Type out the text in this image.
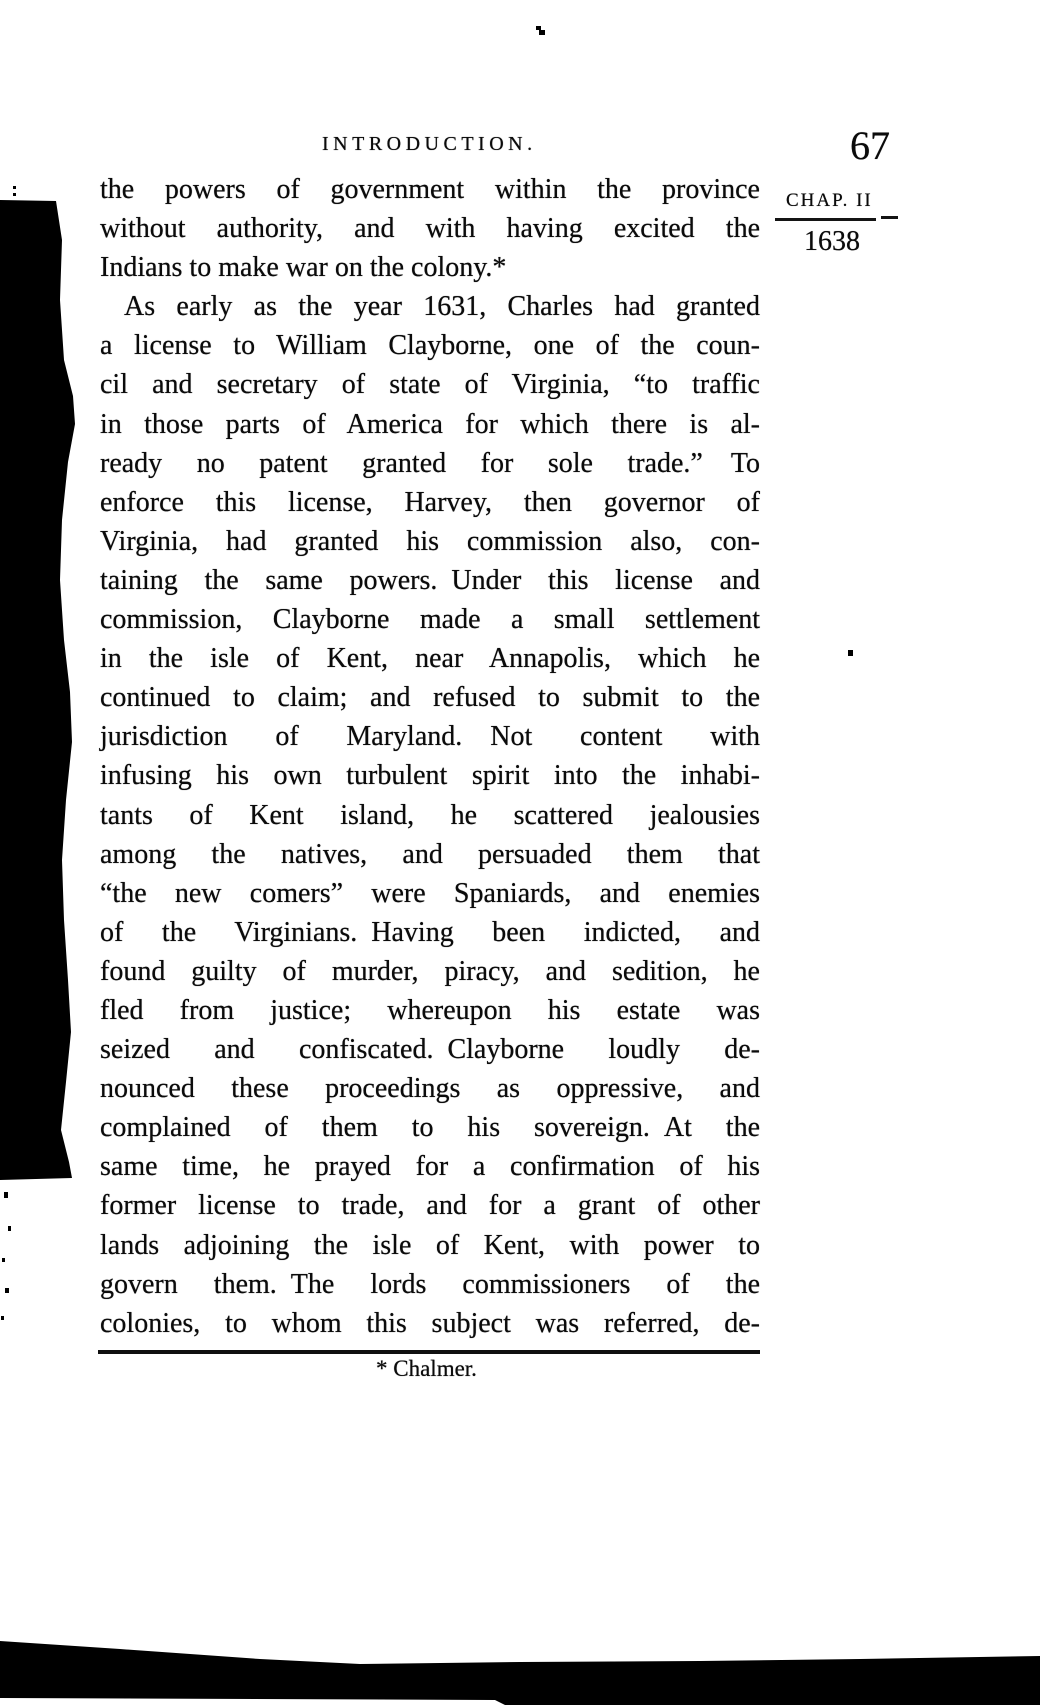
INTRODUCTION.	67
CHAP. II
1638
the powers of government within the province
without authority, and with having excited the
Indians to make war on the colony.*
As early as the year 1631, Charles had granted
a license to William Clayborne, one of the coun-
cil and secretary of state of Virginia, “to traffic
in those parts of America for which there is al-
ready no patent granted for sole trade.”  To
enforce this license, Harvey, then governor of
Virginia, had granted his commission also, con-
taining the same powers. Under this license and
commission, Clayborne made a small settlement
in the isle of Kent, near Annapolis, which he
continued to claim; and refused to submit to the
jurisdiction of Maryland.  Not content with
infusing his own turbulent spirit into the inhabi-
tants of Kent island, he scattered jealousies
among the natives, and persuaded them that
“the new comers” were Spaniards, and enemies
of the Virginians. Having been indicted, and
found guilty of murder, piracy, and sedition, he
fled from justice; whereupon his estate was
seized and confiscated. Clayborne loudly de-
nounced these proceedings as oppressive, and
complained of them to his sovereign. At the
same time, he prayed for a confirmation of his
former license to trade, and for a grant of other
lands adjoining the isle of Kent, with power to
govern them. The lords commissioners of the
colonies, to whom this subject was referred, de-
* Chalmer.
